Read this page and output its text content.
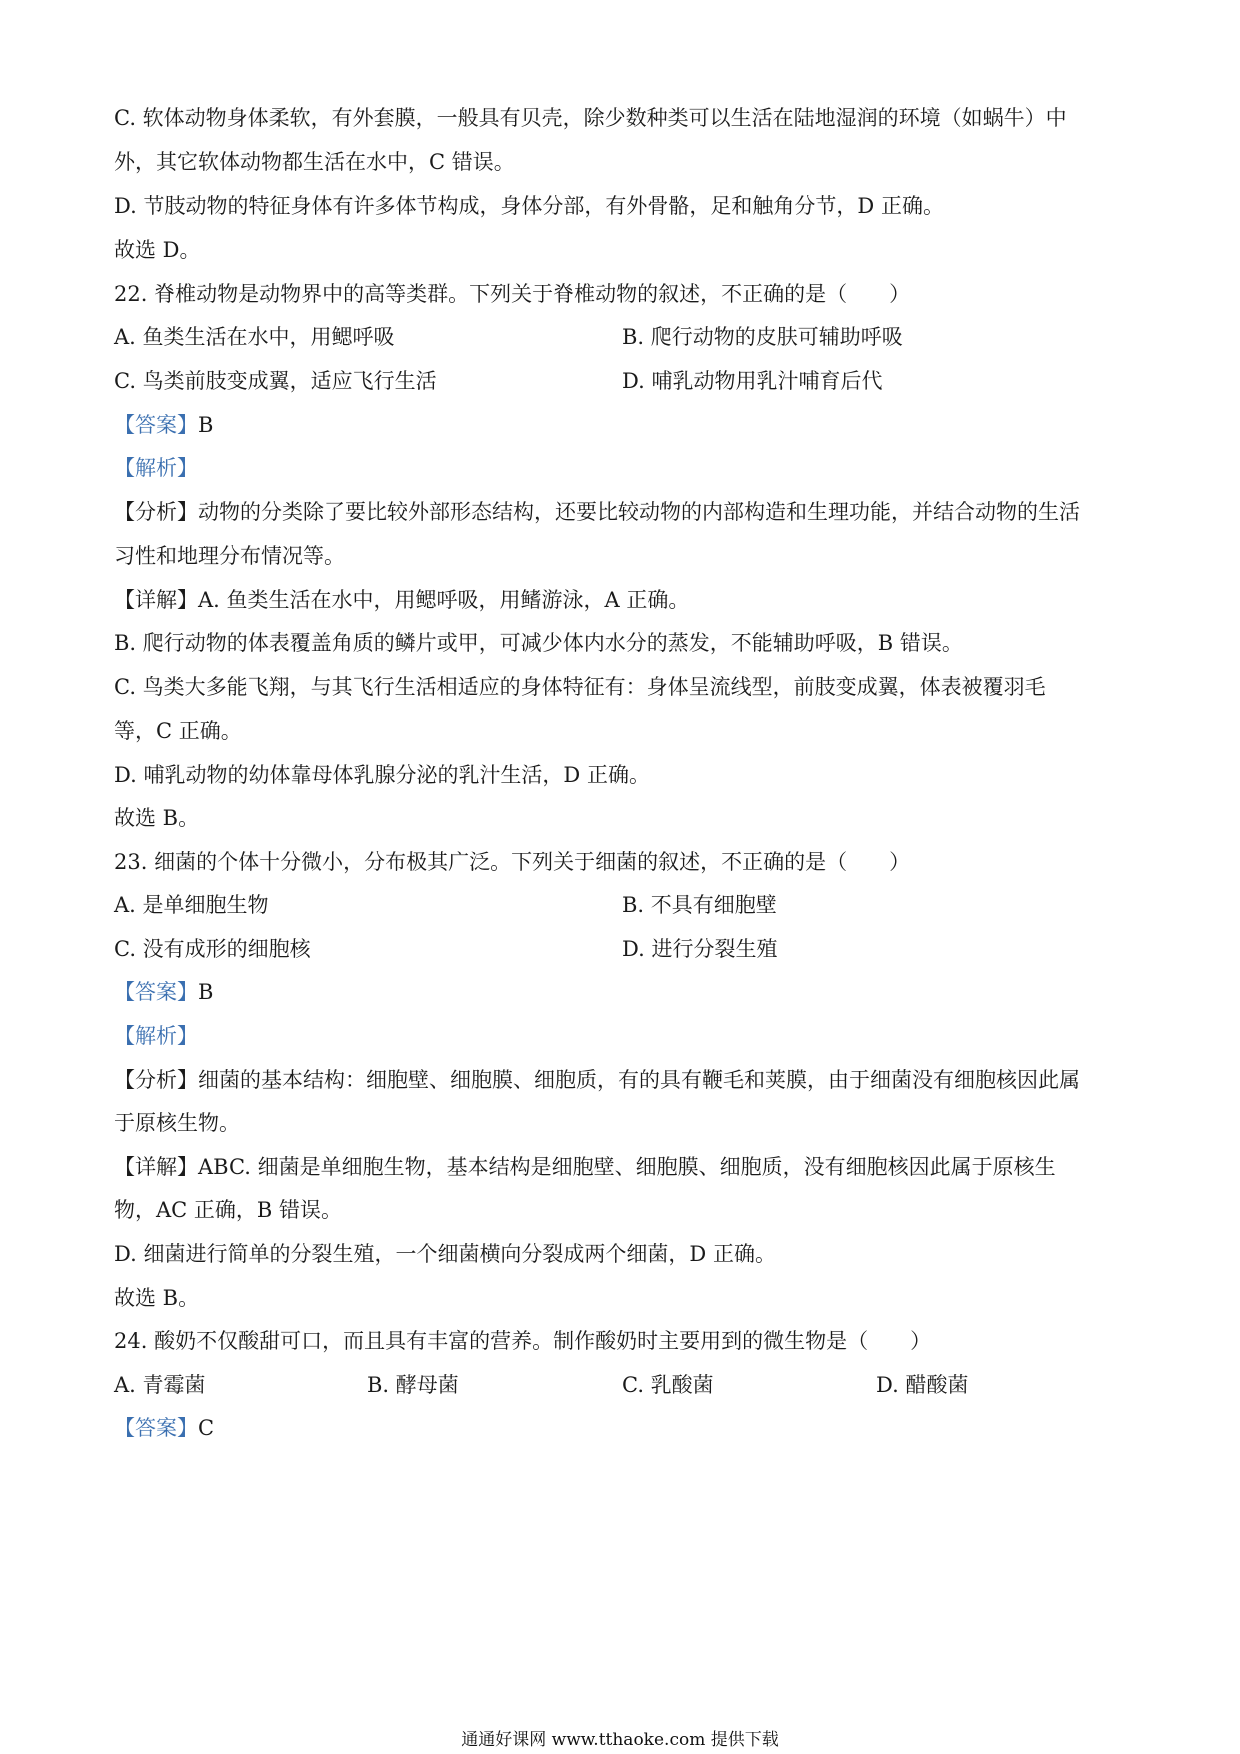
C. 软体动物身体柔软，有外套膜，一般具有贝壳，除少数种类可以生活在陆地湿润的环境（如蜗牛）中
外，其它软体动物都生活在水中，C 错误。
D. 节肢动物的特征身体有许多体节构成，身体分部，有外骨骼，足和触角分节，D 正确。
故选 D。
22. 脊椎动物是动物界中的高等类群。下列关于脊椎动物的叙述，不正确的是（　　）
A. 鱼类生活在水中，用鳃呼吸	B. 爬行动物的皮肤可辅助呼吸
C. 鸟类前肢变成翼，适应飞行生活	D. 哺乳动物用乳汁哺育后代
【答案】B
【解析】
【分析】动物的分类除了要比较外部形态结构，还要比较动物的内部构造和生理功能，并结合动物的生活
习性和地理分布情况等。
【详解】A. 鱼类生活在水中，用鳃呼吸，用鳍游泳，A 正确。
B. 爬行动物的体表覆盖角质的鳞片或甲，可减少体内水分的蒸发，不能辅助呼吸，B 错误。
C. 鸟类大多能飞翔，与其飞行生活相适应的身体特征有：身体呈流线型，前肢变成翼，体表被覆羽毛
等，C 正确。
D. 哺乳动物的幼体靠母体乳腺分泌的乳汁生活，D 正确。
故选 B。
23. 细菌的个体十分微小，分布极其广泛。下列关于细菌的叙述，不正确的是（　　）
A. 是单细胞生物	B. 不具有细胞壁
C. 没有成形的细胞核	D. 进行分裂生殖
【答案】B
【解析】
【分析】细菌的基本结构：细胞壁、细胞膜、细胞质，有的具有鞭毛和荚膜，由于细菌没有细胞核因此属
于原核生物。
【详解】ABC. 细菌是单细胞生物，基本结构是细胞壁、细胞膜、细胞质，没有细胞核因此属于原核生
物，AC 正确，B 错误。
D. 细菌进行简单的分裂生殖，一个细菌横向分裂成两个细菌，D 正确。
故选 B。
24. 酸奶不仅酸甜可口，而且具有丰富的营养。制作酸奶时主要用到的微生物是（　　）
A. 青霉菌	B. 酵母菌	C. 乳酸菌	D. 醋酸菌
【答案】C
通通好课网 www.tthaoke.com 提供下载
